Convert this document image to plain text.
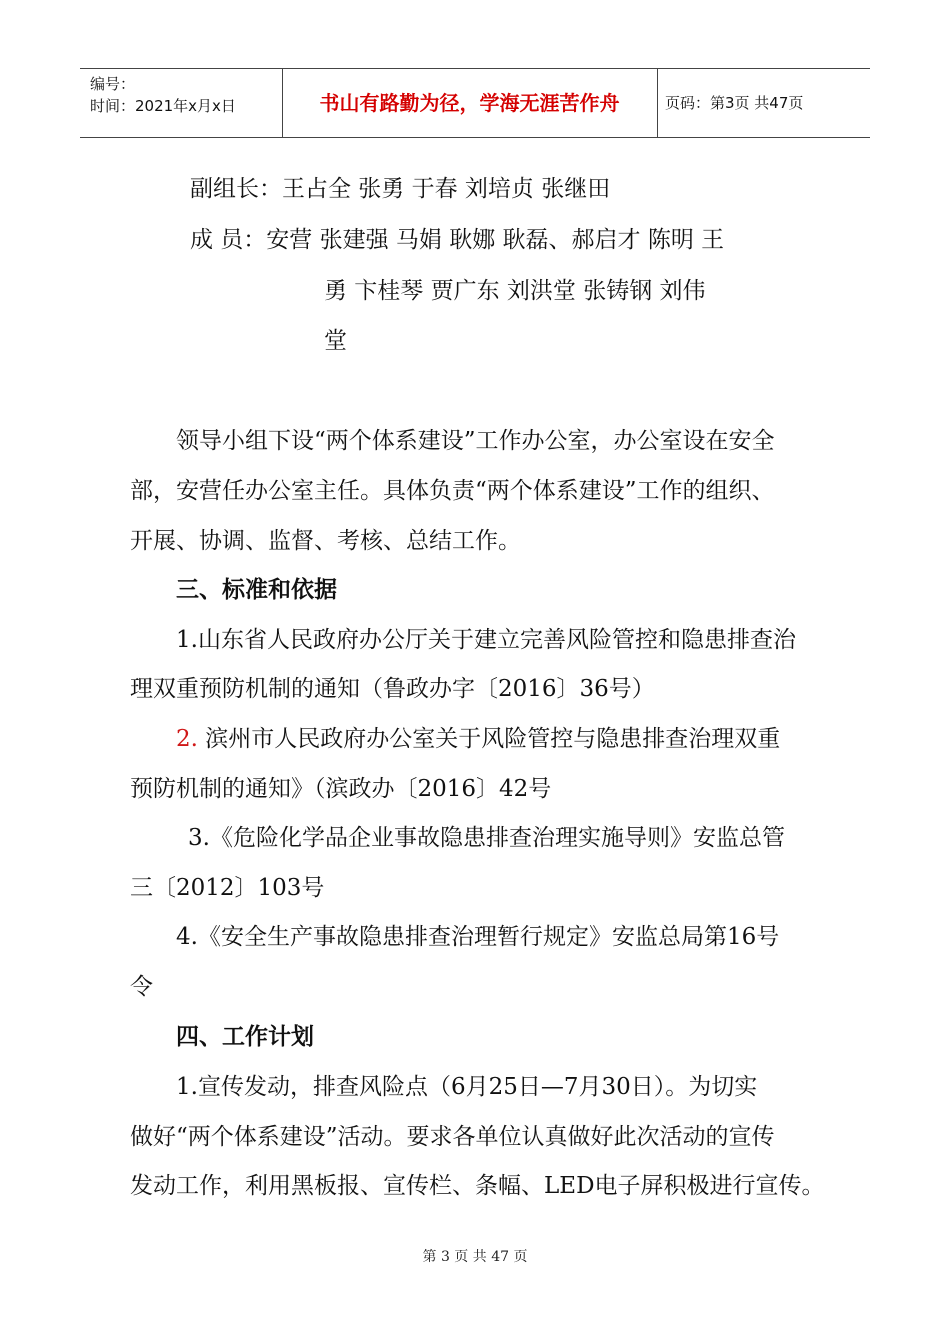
编号：
时间：2021年x月x日	书山有路勤为径，学海无涯苦作舟	页码：第3页 共47页
副组长：王占全 张勇 于春 刘培贞 张继田
成 员：安营 张建强 马娟 耿娜 耿磊、郝启才 陈明 王
勇 卞桂琴 贾广东 刘洪堂 张铸钢 刘伟
堂
领导小组下设“两个体系建设”工作办公室，办公室设在安全
部，安营任办公室主任。具体负责“两个体系建设”工作的组织、
开展、协调、监督、考核、总结工作。
三、标准和依据
1.山东省人民政府办公厅关于建立完善风险管控和隐患排查治
理双重预防机制的通知（鲁政办字〔2016〕36号）
2. 滨州市人民政府办公室关于风险管控与隐患排查治理双重
预防机制的通知》（滨政办〔2016〕42号
3.《危险化学品企业事故隐患排查治理实施导则》安监总管
三〔2012〕103号
4.《安全生产事故隐患排查治理暂行规定》安监总局第16号
令
四、工作计划
1.宣传发动，排查风险点（6月25日—7月30日）。为切实
做好“两个体系建设”活动。要求各单位认真做好此次活动的宣传
发动工作，利用黑板报、宣传栏、条幅、LED电子屏积极进行宣传。
第 3 页 共 47 页
